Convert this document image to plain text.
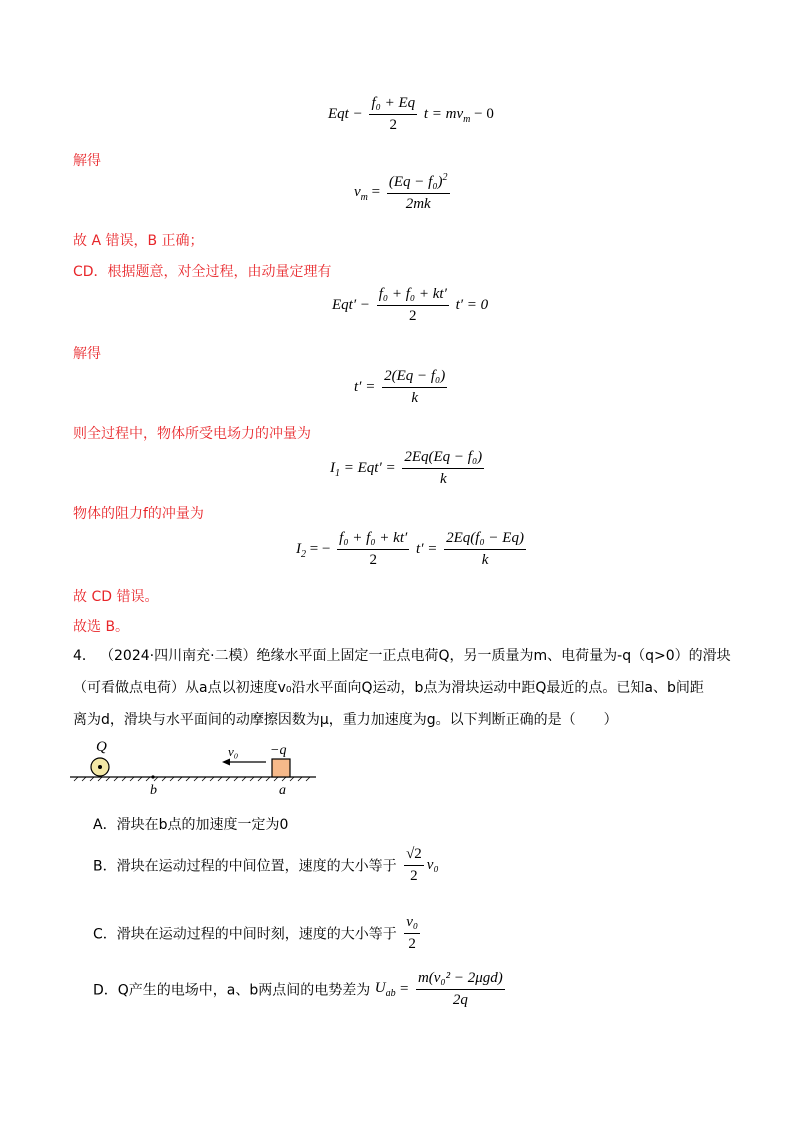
Eqt − $\frac{\text{f₀ + Eq}}{2}$ $t = mv_m - 0$
解得
$v_m = \frac{(Eq - f_0)^2}{2mk}$
故 A 错误，B 正确；
CD．根据题意，对全过程，由动量定理有
$Eqt' - \frac{\text{f₀ + f₀ + kt′}}{2} t' = 0$
解得
$t' = \frac{\text{2(Eq − f₀)}}{k}$
则全过程中，物体所受电场力的冲量为
$I_1 = Eqt' = \frac{\text{2Eq(Eq − f₀)}}{k}$
物体的阻力f的冲量为
$I_2$ = − $\frac{\text{f₀ + f₀ + kt′}}{2} t' = \frac{\text{2Eq(f₀ − Eq)}}{k}$
故 CD 错误。
故选 B。
4． （2024·四川南充·二模）绝缘水平面上固定一正点电荷Q，另一质量为m、电荷量为-q（q>0）的滑块
（可看做点电荷）从a点以初速度v₀沿水平面向Q运动，b点为滑块运动中距Q最近的点。已知a、b间距
离为d，滑块与水平面间的动摩擦因数为μ，重力加速度为g。以下判断正确的是（　　）
Q
b
−q
a
v₀
A．滑块在b点的加速度一定为0
B．滑块在运动过程的中间位置，速度的大小等于 $\frac{√2}{2} v_0$
C．滑块在运动过程的中间时刻，速度的大小等于 $\frac{\text{v₀}}{2}$
D．Q产生的电场中，a、b两点间的电势差为 $U_{ab} = \frac{\text{m(v₀² − 2μgd)}}{2q}$
